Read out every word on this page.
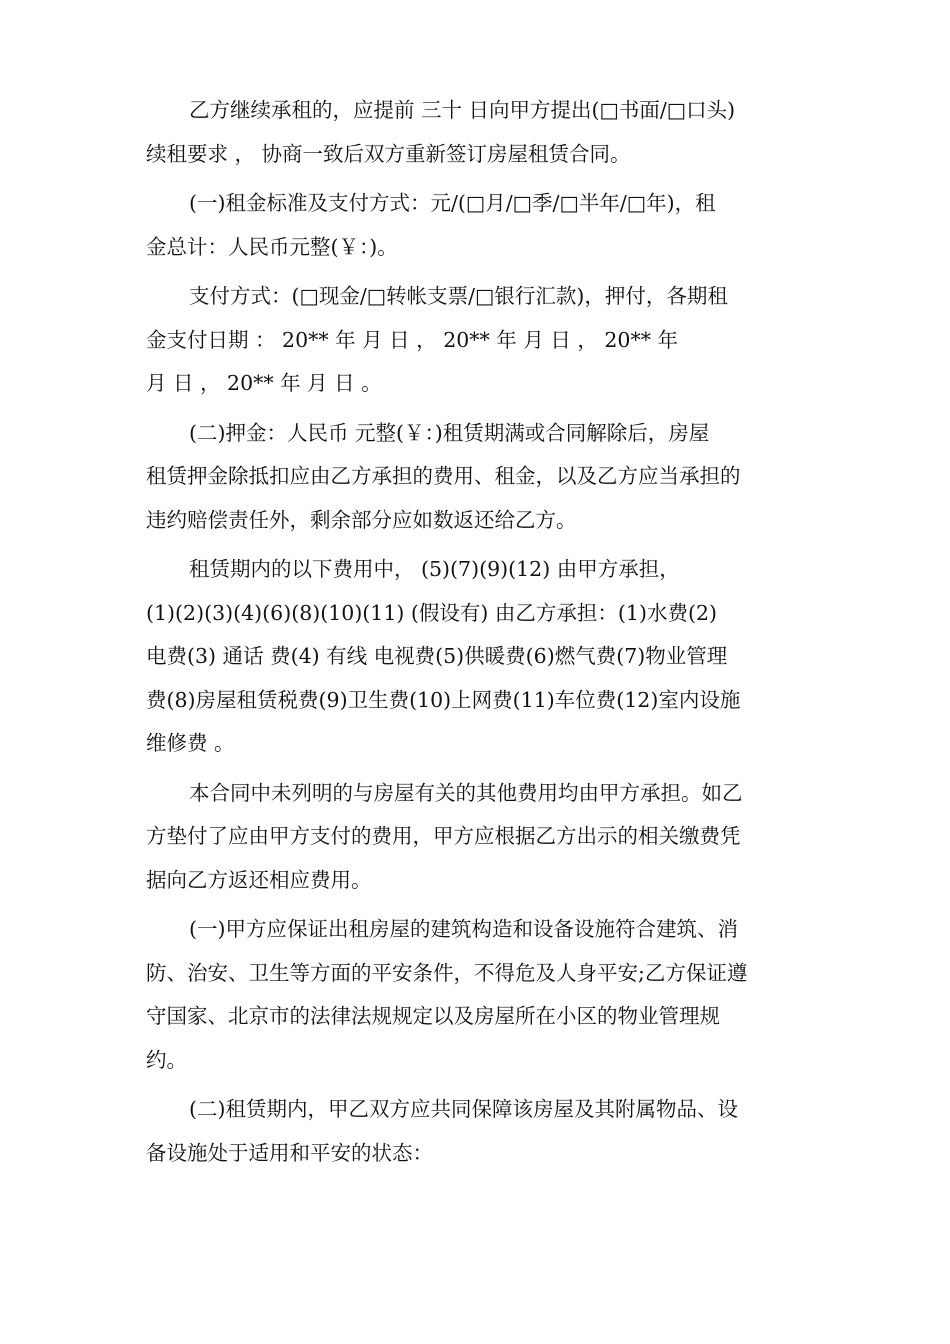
乙方继续承租的，应提前 三十 日向甲方提出(□书面/□口头)
续租要求 ， 协商一致后双方重新签订房屋租赁合同。
(一)租金标准及支付方式：元/(□月/□季/□半年/□年)，租
金总计：人民币元整(￥：)。
支付方式：(□现金/□转帐支票/□银行汇款)，押付，各期租
金支付日期 ： 20** 年 月 日 ， 20** 年 月 日 ， 20** 年
月 日 ， 20** 年 月 日 。
(二)押金：人民币 元整(￥：)租赁期满或合同解除后，房屋
租赁押金除抵扣应由乙方承担的费用、租金，以及乙方应当承担的
违约赔偿责任外，剩余部分应如数返还给乙方。
租赁期内的以下费用中， (5)(7)(9)(12) 由甲方承担，
(1)(2)(3)(4)(6)(8)(10)(11) (假设有) 由乙方承担：(1)水费(2)
电费(3) 通话 费(4) 有线 电视费(5)供暖费(6)燃气费(7)物业管理
费(8)房屋租赁税费(9)卫生费(10)上网费(11)车位费(12)室内设施
维修费 。
本合同中未列明的与房屋有关的其他费用均由甲方承担。如乙
方垫付了应由甲方支付的费用，甲方应根据乙方出示的相关缴费凭
据向乙方返还相应费用。
(一)甲方应保证出租房屋的建筑构造和设备设施符合建筑、消
防、治安、卫生等方面的平安条件，不得危及人身平安;乙方保证遵
守国家、北京市的法律法规规定以及房屋所在小区的物业管理规
约。
(二)租赁期内，甲乙双方应共同保障该房屋及其附属物品、设
备设施处于适用和平安的状态：
